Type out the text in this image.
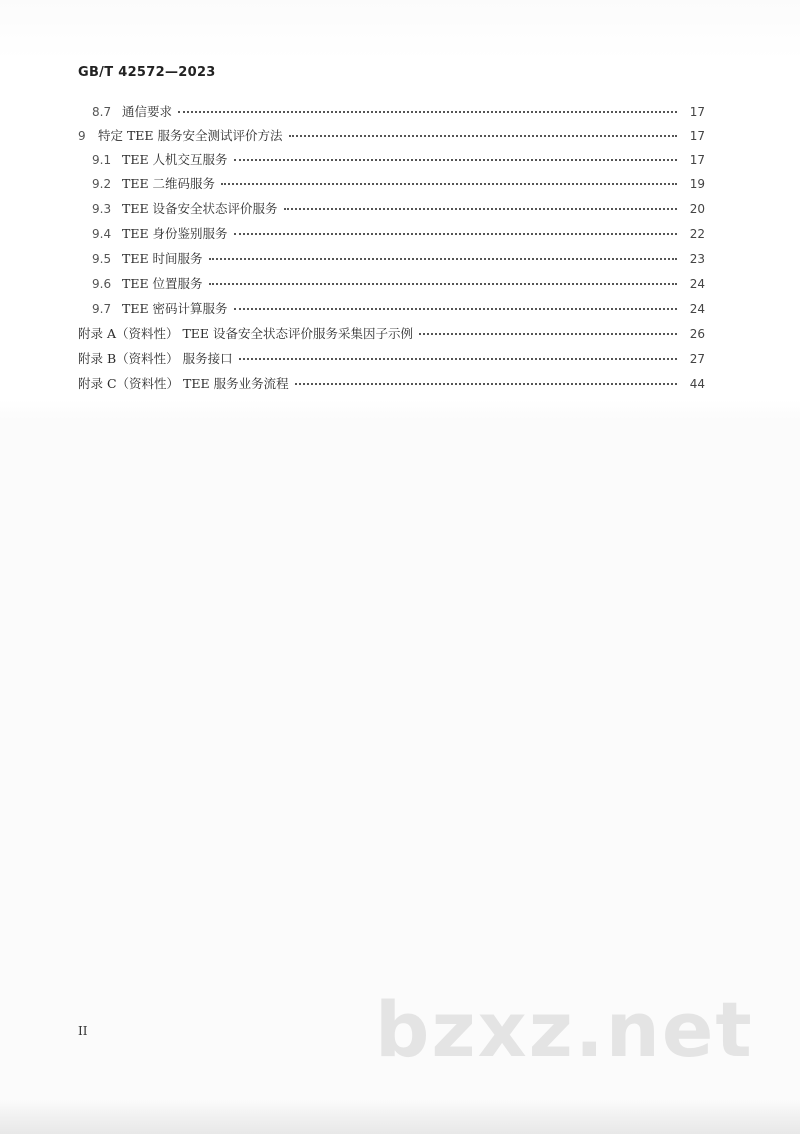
GB/T 42572—2023
8.7 通信要求	17
9 特定 TEE 服务安全测试评价方法	17
9.1 TEE 人机交互服务	17
9.2 TEE 二维码服务	19
9.3 TEE 设备安全状态评价服务	20
9.4 TEE 身份鉴别服务	22
9.5 TEE 时间服务	23
9.6 TEE 位置服务	24
9.7 TEE 密码计算服务	24
附录 A（资料性） TEE 设备安全状态评价服务采集因子示例	26
附录 B（资料性） 服务接口	27
附录 C（资料性） TEE 服务业务流程	44
II	bzxz.net
